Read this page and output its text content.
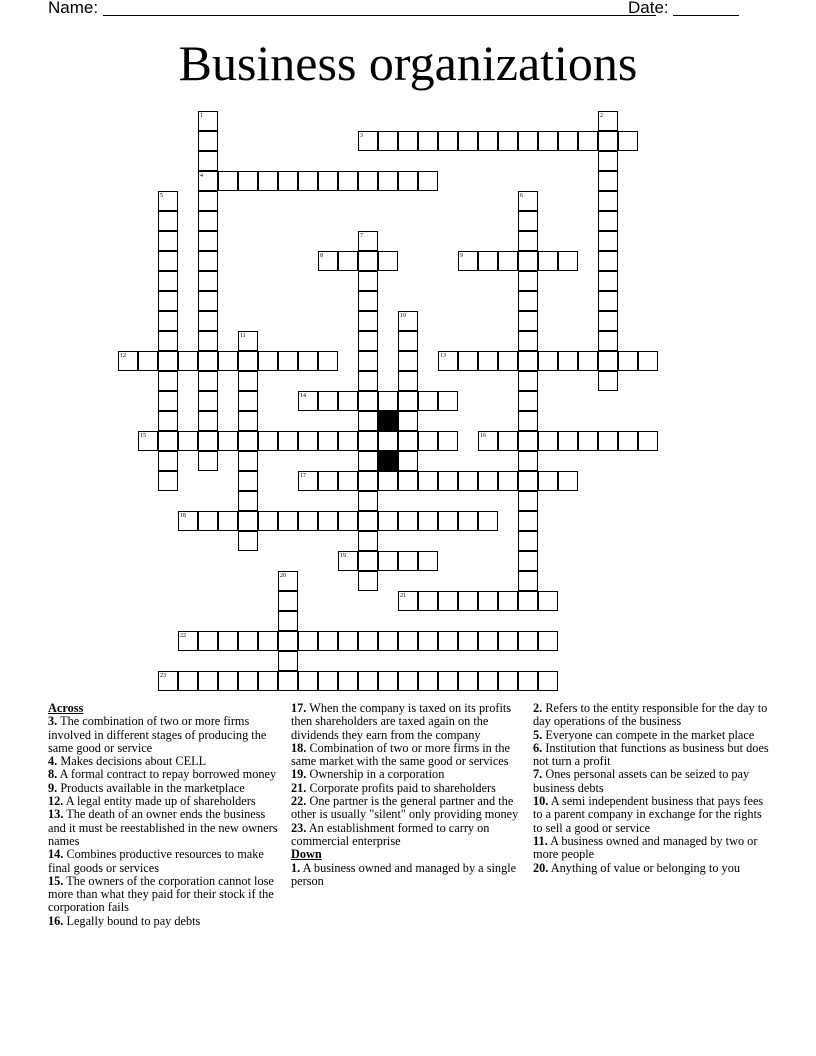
Name:	Date:
Business organizations
1	2
3
4
5	6
7
8	9
10
11
12	13
14
15	16
17
18
19
20
21
22
23
Across
3. The combination of two or more firms involved in different stages of producing the same good or service
4. Makes decisions about CELL
8. A formal contract to repay borrowed money
9. Products available in the marketplace
12. A legal entity made up of shareholders
13. The death of an owner ends the business and it must be reestablished in the new owners names
14. Combines productive resources to make final goods or services
15. The owners of the corporation cannot lose more than what they paid for their stock if the corporation fails
16. Legally bound to pay debts
17. When the company is taxed on its profits then shareholders are taxed again on the dividends they earn from the company
18. Combination of two or more firms in the same market with the same good or services
19. Ownership in a corporation
21. Corporate profits paid to shareholders
22. One partner is the general partner and the other is usually "silent" only providing money
23. An establishment formed to carry on commercial enterprise
Down
1. A business owned and managed by a single person
2. Refers to the entity responsible for the day to day operations of the business
5. Everyone can compete in the market place
6. Institution that functions as business but does not turn a profit
7. Ones personal assets can be seized to pay business debts
10. A semi independent business that pays fees to a parent company in exchange for the rights to sell a good or service
11. A business owned and managed by two or more people
20. Anything of value or belonging to you
